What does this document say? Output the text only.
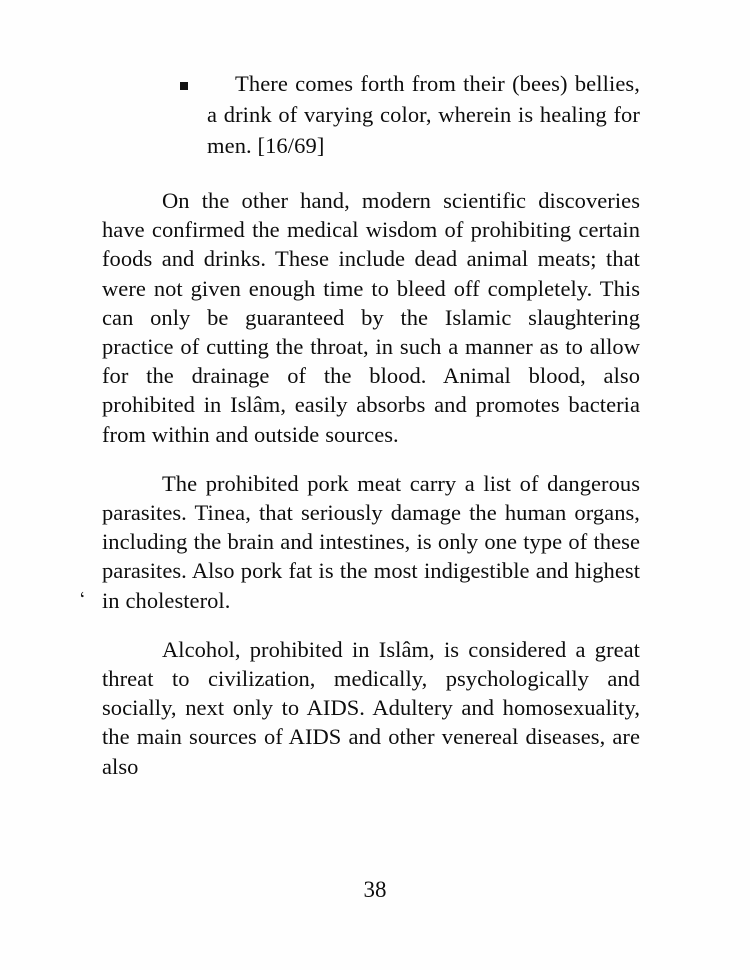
There comes forth from their (bees) bellies, a drink of varying color, wherein is healing for men. [16/69]

On the other hand, modern scientific discoveries have confirmed the medical wisdom of prohibiting certain foods and drinks. These include dead animal meats; that were not given enough time to bleed off completely. This can only be guaranteed by the Islamic slaughtering practice of cutting the throat, in such a manner as to allow for the drainage of the blood. Animal blood, also prohibited in Islâm, easily absorbs and promotes bacteria from within and outside sources.

The prohibited pork meat carry a list of dangerous parasites. Tinea, that seriously damage the human organs, including the brain and intestines, is only one type of these parasites. Also pork fat is the most indigestible and highest in cholesterol.

Alcohol, prohibited in Islâm, is considered a great threat to civilization, medically, psychologically and socially, next only to AIDS. Adultery and homosexuality, the main sources of AIDS and other venereal diseases, are also

‘
38
